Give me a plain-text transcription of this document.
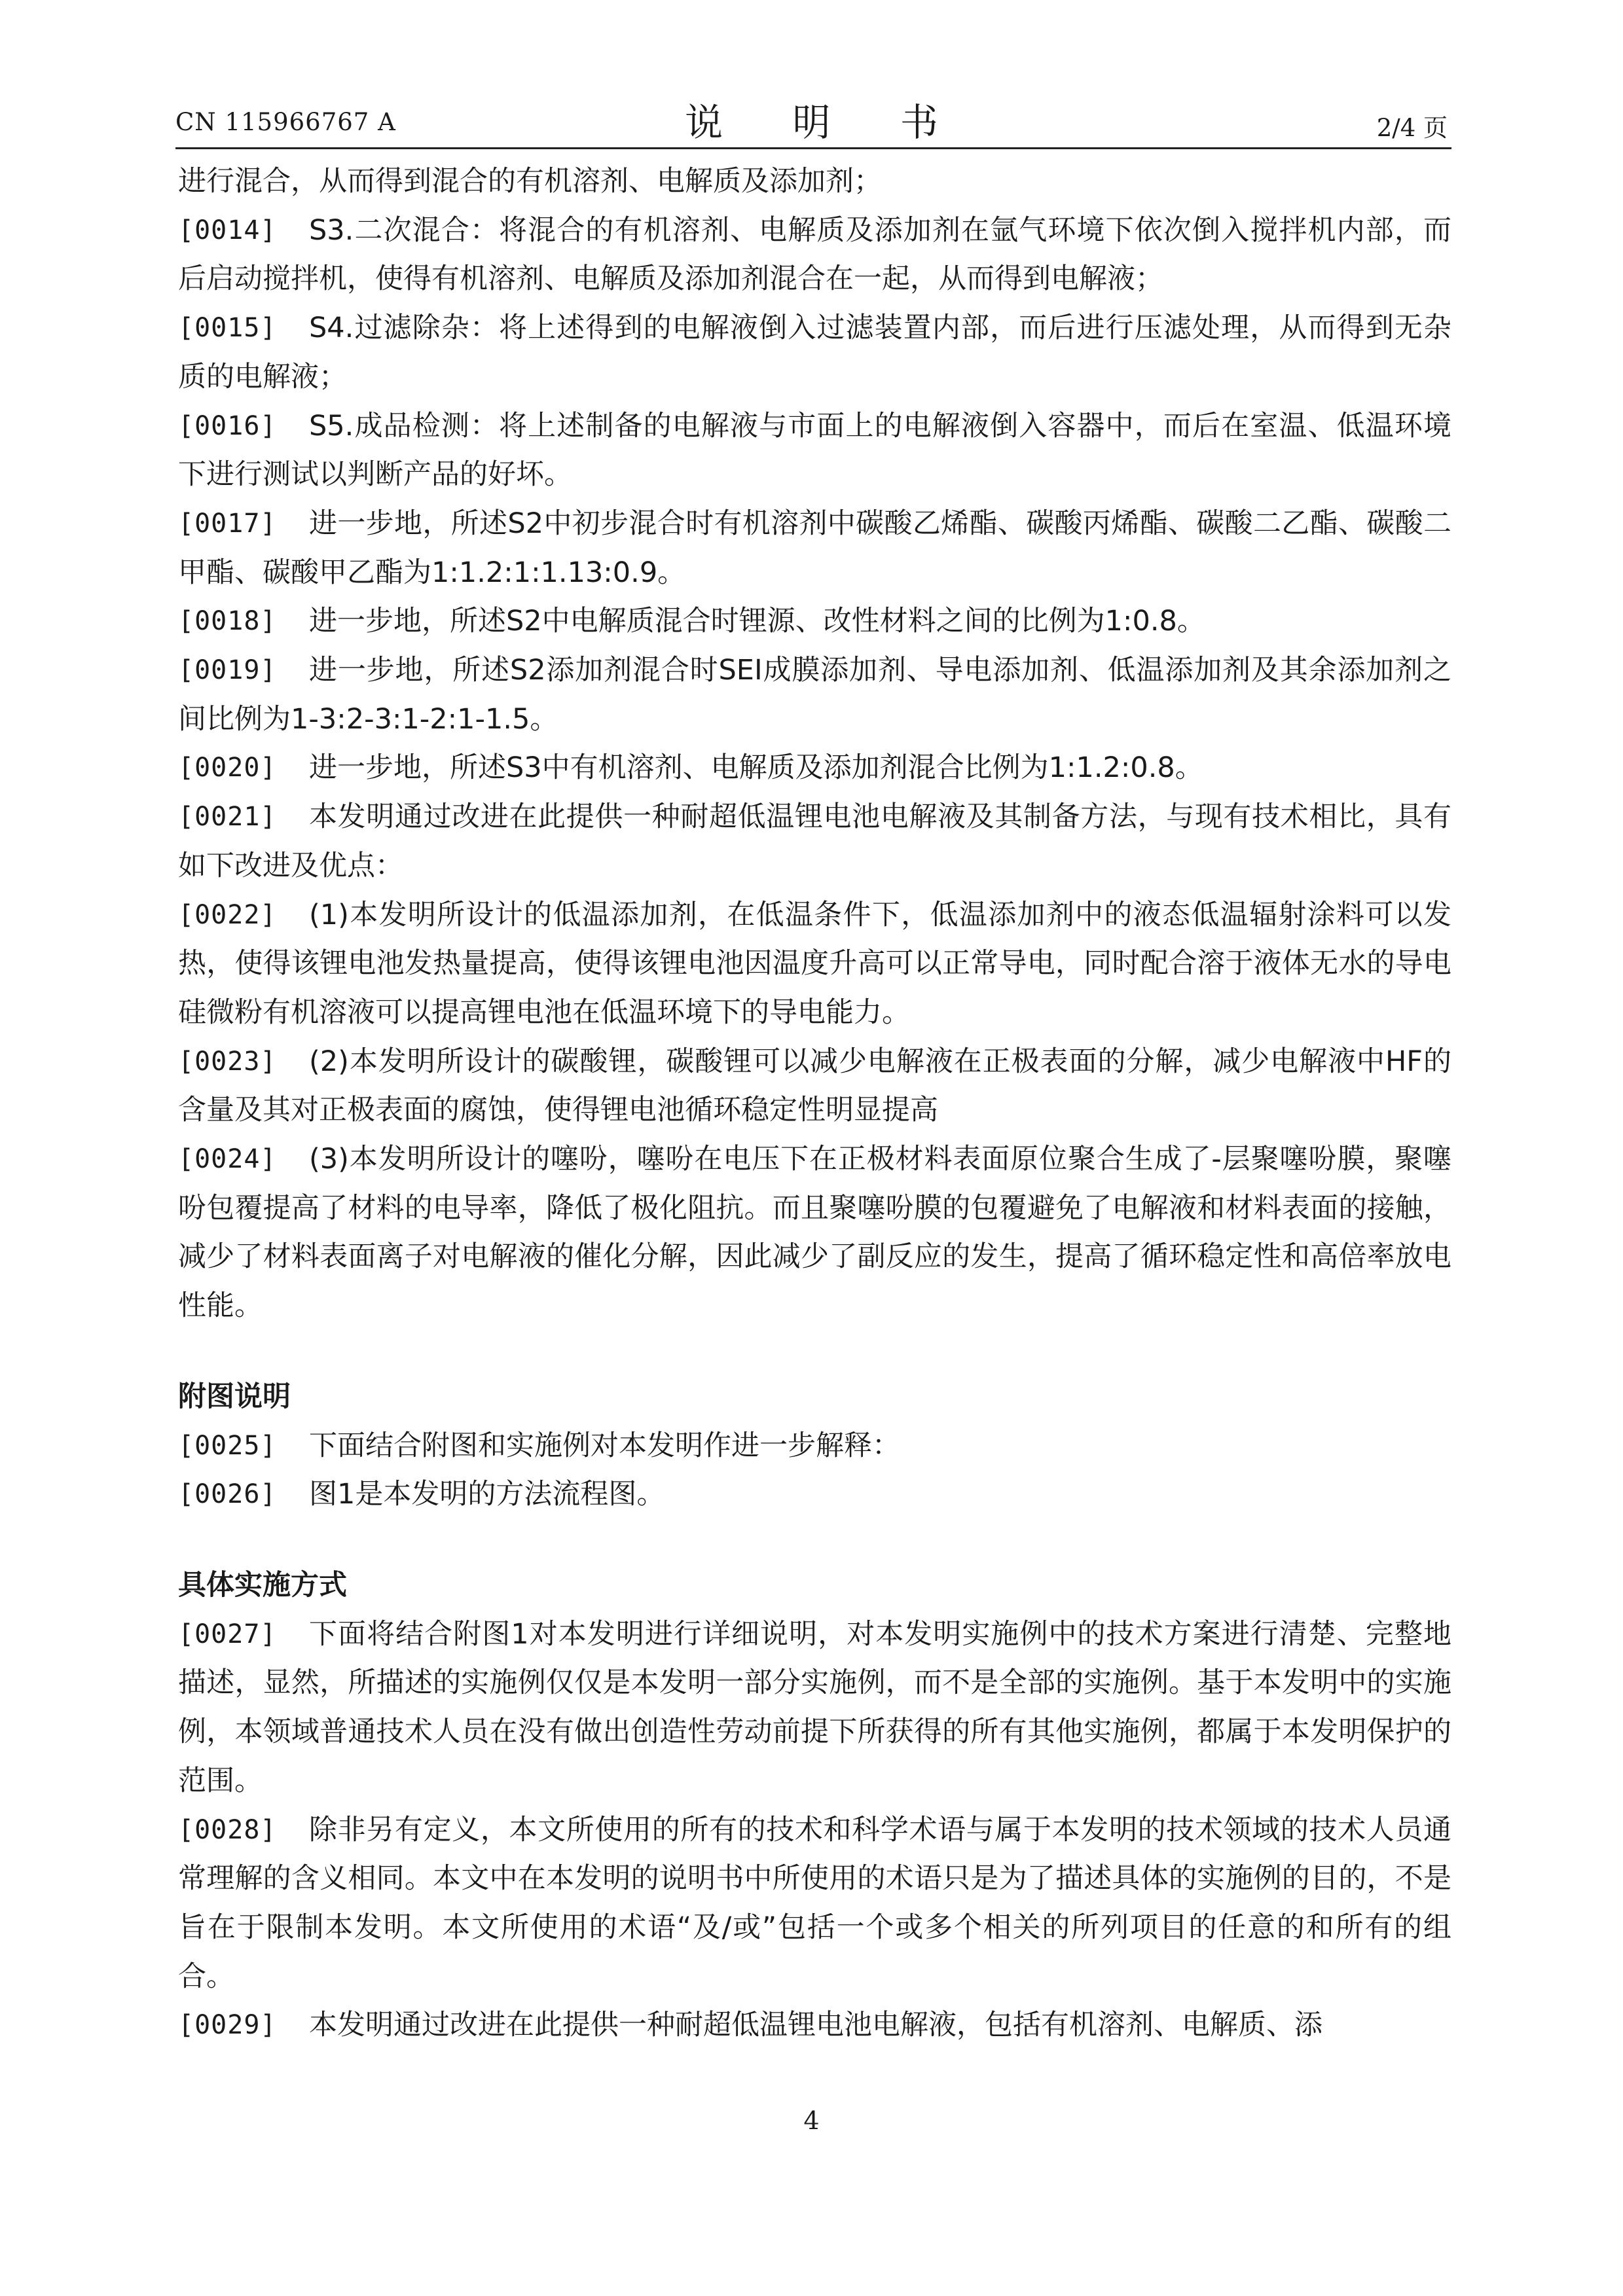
CN 115966767 A	说 明 书	2/4 页
进行混合，从而得到混合的有机溶剂、电解质及添加剂；
[0014] S3.二次混合：将混合的有机溶剂、电解质及添加剂在氩气环境下依次倒入搅拌机内部，而后启动搅拌机，使得有机溶剂、电解质及添加剂混合在一起，从而得到电解液；
[0015] S4.过滤除杂：将上述得到的电解液倒入过滤装置内部，而后进行压滤处理，从而得到无杂质的电解液；
[0016] S5.成品检测：将上述制备的电解液与市面上的电解液倒入容器中，而后在室温、低温环境下进行测试以判断产品的好坏。
[0017] 进一步地，所述S2中初步混合时有机溶剂中碳酸乙烯酯、碳酸丙烯酯、碳酸二乙酯、碳酸二甲酯、碳酸甲乙酯为1:1.2:1:1.13:0.9。
[0018] 进一步地，所述S2中电解质混合时锂源、改性材料之间的比例为1:0.8。
[0019] 进一步地，所述S2添加剂混合时SEI成膜添加剂、导电添加剂、低温添加剂及其余添加剂之间比例为1-3:2-3:1-2:1-1.5。
[0020] 进一步地，所述S3中有机溶剂、电解质及添加剂混合比例为1:1.2:0.8。
[0021] 本发明通过改进在此提供一种耐超低温锂电池电解液及其制备方法，与现有技术相比，具有如下改进及优点：
[0022] (1)本发明所设计的低温添加剂，在低温条件下，低温添加剂中的液态低温辐射涂料可以发热，使得该锂电池发热量提高，使得该锂电池因温度升高可以正常导电，同时配合溶于液体无水的导电硅微粉有机溶液可以提高锂电池在低温环境下的导电能力。
[0023] (2)本发明所设计的碳酸锂，碳酸锂可以减少电解液在正极表面的分解，减少电解液中HF的含量及其对正极表面的腐蚀，使得锂电池循环稳定性明显提高
[0024] (3)本发明所设计的噻吩，噻吩在电压下在正极材料表面原位聚合生成了-层聚噻吩膜，聚噻吩包覆提高了材料的电导率，降低了极化阻抗。而且聚噻吩膜的包覆避免了电解液和材料表面的接触，减少了材料表面离子对电解液的催化分解，因此减少了副反应的发生，提高了循环稳定性和高倍率放电性能。
附图说明
[0025] 下面结合附图和实施例对本发明作进一步解释：
[0026] 图1是本发明的方法流程图。
具体实施方式
[0027] 下面将结合附图1对本发明进行详细说明，对本发明实施例中的技术方案进行清楚、完整地描述，显然，所描述的实施例仅仅是本发明一部分实施例，而不是全部的实施例。基于本发明中的实施例，本领域普通技术人员在没有做出创造性劳动前提下所获得的所有其他实施例，都属于本发明保护的范围。
[0028] 除非另有定义，本文所使用的所有的技术和科学术语与属于本发明的技术领域的技术人员通常理解的含义相同。本文中在本发明的说明书中所使用的术语只是为了描述具体的实施例的目的，不是旨在于限制本发明。本文所使用的术语“及/或”包括一个或多个相关的所列项目的任意的和所有的组合。
[0029] 本发明通过改进在此提供一种耐超低温锂电池电解液，包括有机溶剂、电解质、添
4
